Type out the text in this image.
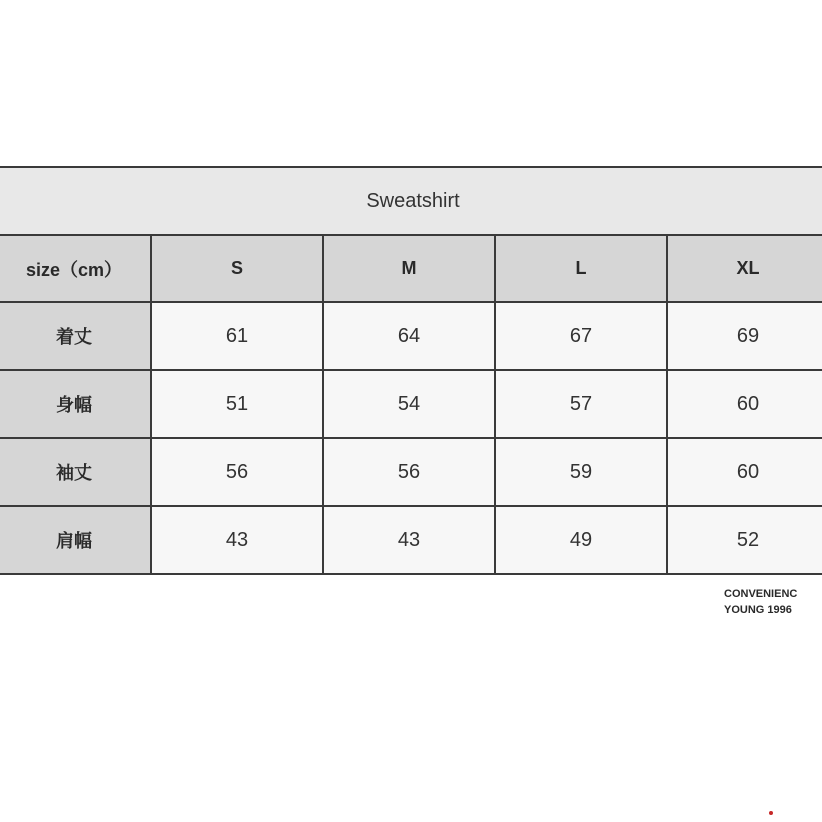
Sweatshirt				
size（cm）	S	M	L	XL
着丈	61	64	67	69
身幅	51	54	57	60
袖丈	56	56	59	60
肩幅	43	43	49	52
CONVENIENC
YOUNG 1996
